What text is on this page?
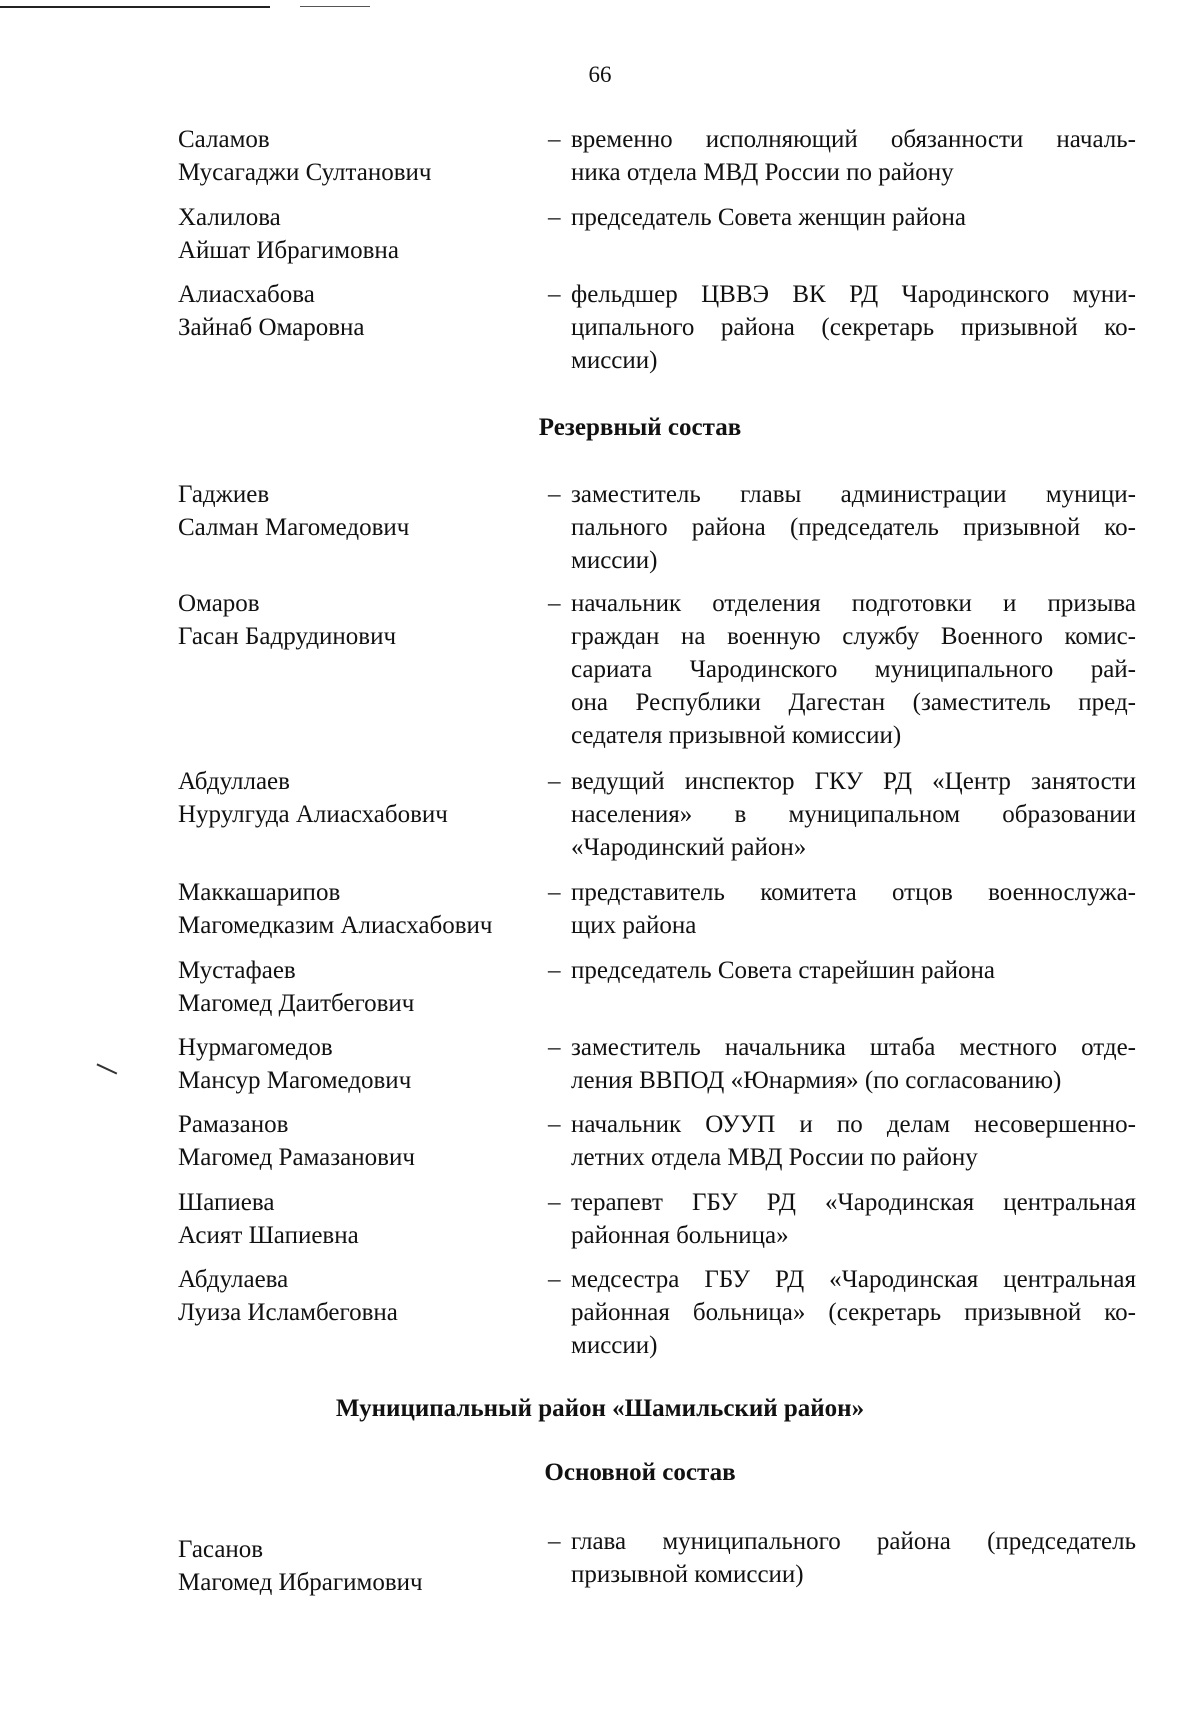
66
Саламов
Мусагаджи Султанович
– временно исполняющий обязанности началь-
ника отдела МВД России по району
Халилова
Айшат Ибрагимовна
– председатель Совета женщин района
Алиасхабова
Зайнаб Омаровна
– фельдшер ЦВВЭ ВК РД Чародинского муни-
ципального района (секретарь призывной ко-
миссии)
Резервный состав
Гаджиев
Салман Магомедович
– заместитель главы администрации муници-
пального района (председатель призывной ко-
миссии)
Омаров
Гасан Бадрудинович
– начальник отделения подготовки и призыва
граждан на военную службу Военного комис-
сариата Чародинского муниципального рай-
она Республики Дагестан (заместитель пред-
седателя призывной комиссии)
Абдуллаев
Нурулгуда Алиасхабович
– ведущий инспектор ГКУ РД «Центр занятости
населения» в муниципальном образовании
«Чародинский район»
Маккашарипов
Магомедказим Алиасхабович
– представитель комитета отцов военнослужа-
щих района
Мустафаев
Магомед Даитбегович
– председатель Совета старейшин района
Нурмагомедов
Мансур Магомедович
– заместитель начальника штаба местного отде-
ления ВВПОД «Юнармия» (по согласованию)
Рамазанов
Магомед Рамазанович
– начальник ОУУП и по делам несовершенно-
летних отдела МВД России по району
Шапиева
Асият Шапиевна
– терапевт ГБУ РД «Чародинская центральная
районная больница»
Абдулаева
Луиза Исламбеговна
– медсестра ГБУ РД «Чародинская центральная
районная больница» (секретарь призывной ко-
миссии)
Муниципальный район «Шамильский район»
Основной состав
Гасанов
Магомед Ибрагимович
– глава муниципального района (председатель
призывной комиссии)
